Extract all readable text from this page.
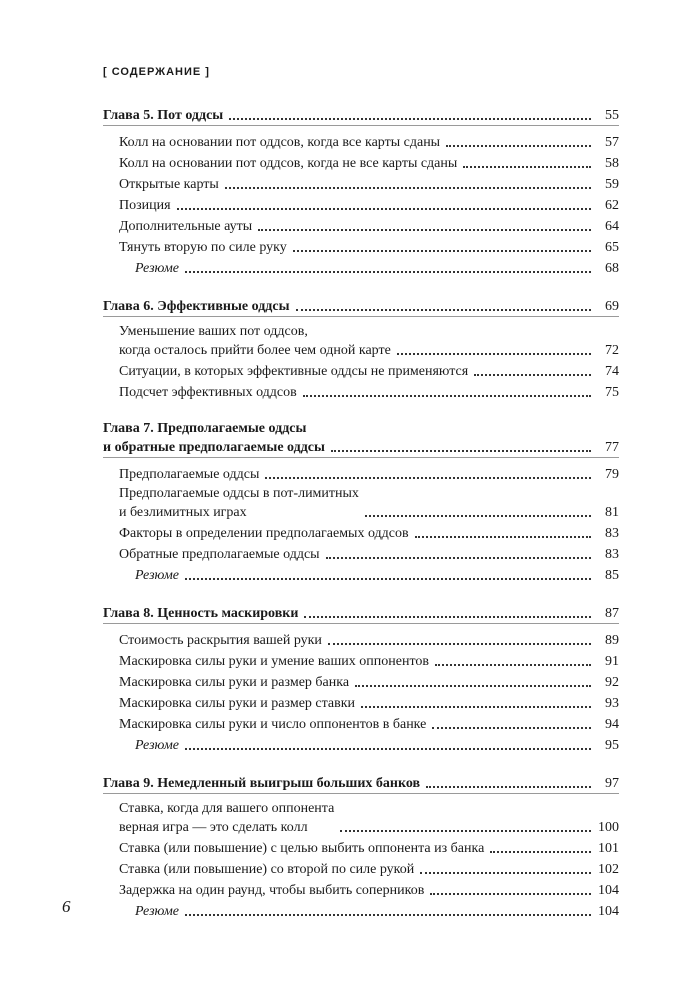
[ СОДЕРЖАНИЕ ]
Глава 5. Пот оддсы	55
Колл на основании пот оддсов, когда все карты сданы	57
Колл на основании пот оддсов, когда не все карты сданы	58
Открытые карты	59
Позиция	62
Дополнительные ауты	64
Тянуть вторую по силе руку	65
Резюме	68
Глава 6. Эффективные оддсы	69
Уменьшение ваших пот оддсов,
когда осталось прийти более чем одной карте	72
Ситуации, в которых эффективные оддсы не применяются	74
Подсчет эффективных оддсов	75
Глава 7. Предполагаемые оддсы
и обратные предполагаемые оддсы	77
Предполагаемые оддсы	79
Предполагаемые оддсы в пот-лимитных
и безлимитных играх	81
Факторы в определении предполагаемых оддсов	83
Обратные предполагаемые оддсы	83
Резюме	85
Глава 8. Ценность маскировки	87
Стоимость раскрытия вашей руки	89
Маскировка силы руки и умение ваших оппонентов	91
Маскировка силы руки и размер банка	92
Маскировка силы руки и размер ставки	93
Маскировка силы руки и число оппонентов в банке	94
Резюме	95
Глава 9. Немедленный выигрыш больших банков	97
Ставка, когда для вашего оппонента
верная игра — это сделать колл	100
Ставка (или повышение) с целью выбить оппонента из банка	101
Ставка (или повышение) со второй по силе рукой	102
Задержка на один раунд, чтобы выбить соперников	104
Резюме	104
6
